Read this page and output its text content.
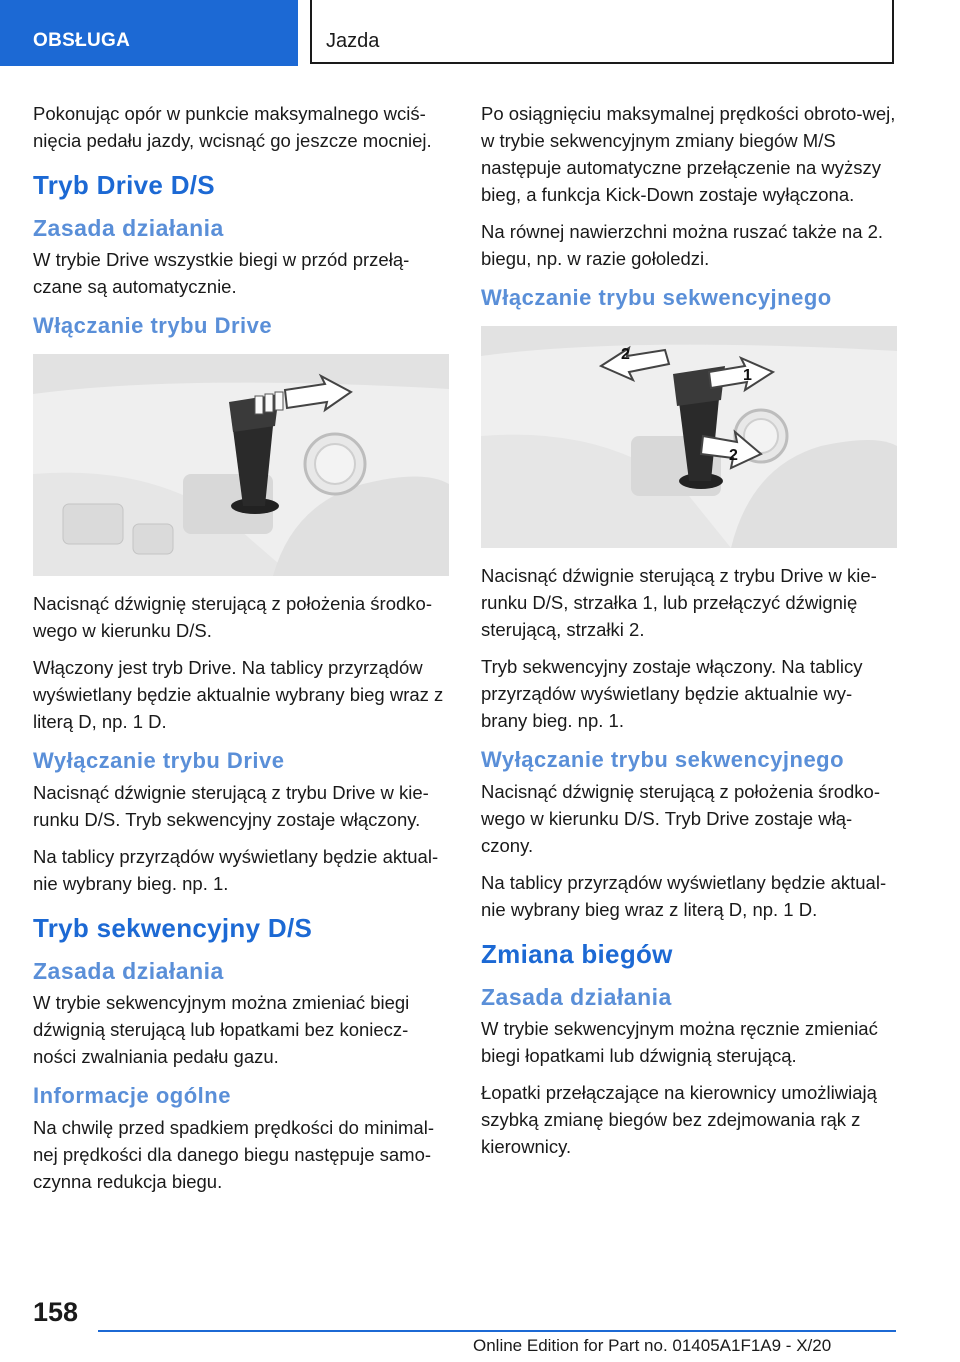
OBSŁUGA	Jazda

Pokonując opór w punkcie maksymalnego wciś‐nięcia pedału jazdy, wcisnąć go jeszcze mocniej.

Tryb Drive D/S
Zasada działania

W trybie Drive wszystkie biegi w przód przełą‐czane są automatycznie.

Włączanie trybu Drive

Nacisnąć dźwignię sterującą z położenia środko‐wego w kierunku D/S.

Włączony jest tryb Drive. Na tablicy przyrządów wyświetlany będzie aktualnie wybrany bieg wraz z literą D, np. 1 D.

Wyłączanie trybu Drive

Nacisnąć dźwignie sterującą z trybu Drive w kie‐runku D/S. Tryb sekwencyjny zostaje włączony.

Na tablicy przyrządów wyświetlany będzie aktual‐nie wybrany bieg. np. 1.

Tryb sekwencyjny D/S
Zasada działania

W trybie sekwencyjnym można zmieniać biegi dźwignią sterującą lub łopatkami bez koniecz‐ności zwalniania pedału gazu.

Informacje ogólne

Na chwilę przed spadkiem prędkości do minimal‐nej prędkości dla danego biegu następuje samo‐czynna redukcja biegu.

Po osiągnięciu maksymalnej prędkości obroto‐wej, w trybie sekwencyjnym zmiany biegów M/S następuje automatyczne przełączenie na wyższy bieg, a funkcja Kick-Down zostaje wyłączona.

Na równej nawierzchni można ruszać także na 2. biegu, np. w razie gołoledzi.

Włączanie trybu sekwencyjnego
2
1
2

Nacisnąć dźwignie sterującą z trybu Drive w kie‐runku D/S, strzałka 1, lub przełączyć dźwignię sterującą, strzałki 2.

Tryb sekwencyjny zostaje włączony. Na tablicy przyrządów wyświetlany będzie aktualnie wy‐brany bieg. np. 1.

Wyłączanie trybu sekwencyjnego

Nacisnąć dźwignię sterującą z położenia środko‐wego w kierunku D/S. Tryb Drive zostaje włą‐czony.

Na tablicy przyrządów wyświetlany będzie aktual‐nie wybrany bieg wraz z literą D, np. 1 D.

Zmiana biegów
Zasada działania

W trybie sekwencyjnym można ręcznie zmieniać biegi łopatkami lub dźwignią sterującą.

Łopatki przełączające na kierownicy umożliwiają szybką zmianę biegów bez zdejmowania rąk z kierownicy.

158
Online Edition for Part no. 01405A1F1A9 - X/20
